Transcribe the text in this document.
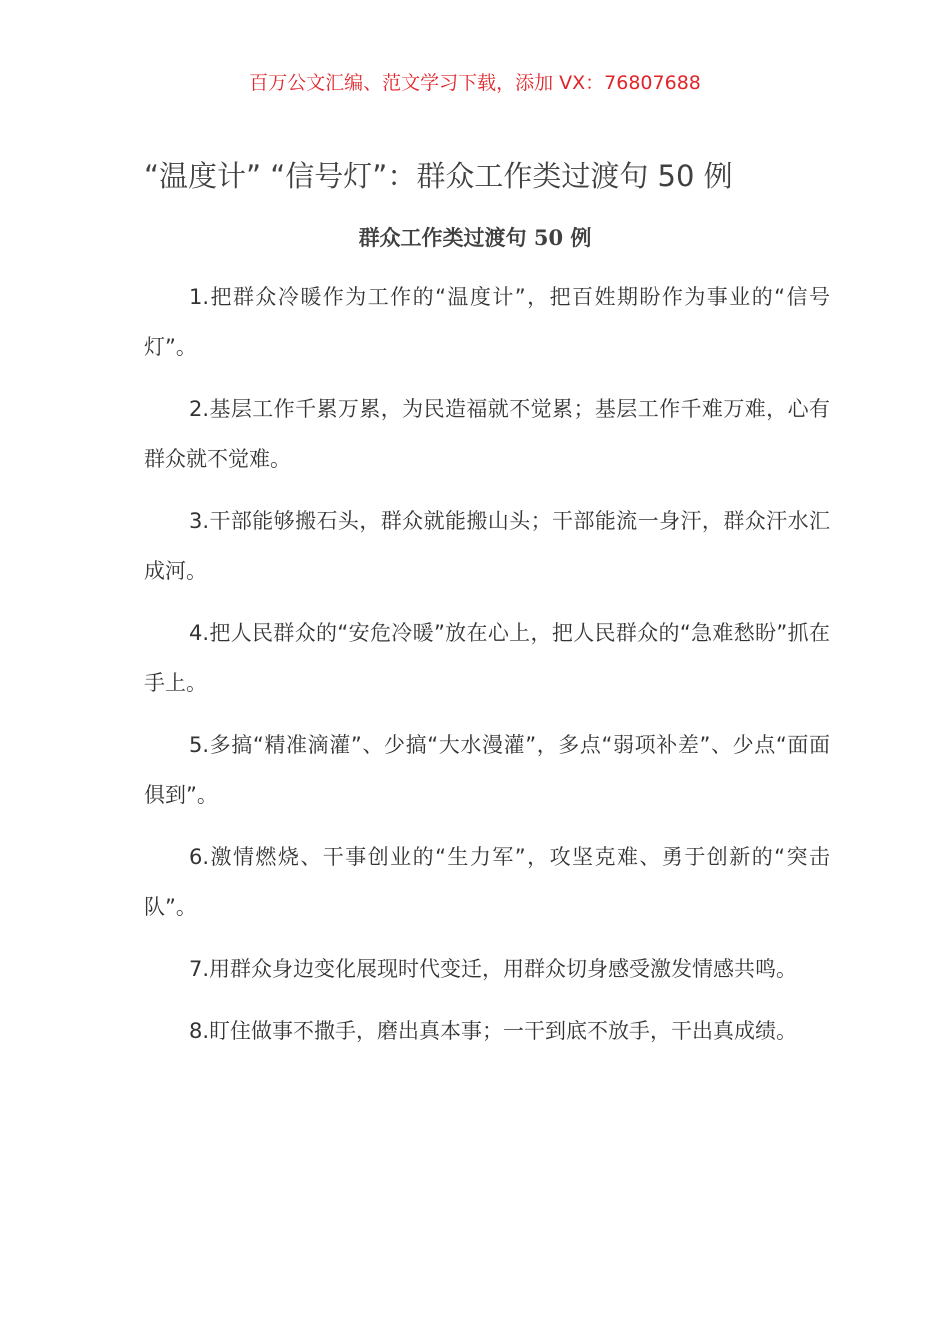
百万公文汇编、范文学习下载，添加 VX：76807688
“温度计” “信号灯”：群众工作类过渡句 50 例
群众工作类过渡句 50 例

1.把群众冷暖作为工作的“温度计”，把百姓期盼作为事业的“信号灯”。

2.基层工作千累万累，为民造福就不觉累；基层工作千难万难，心有群众就不觉难。

3.干部能够搬石头，群众就能搬山头；干部能流一身汗，群众汗水汇成河。

4.把人民群众的“安危冷暖”放在心上，把人民群众的“急难愁盼”抓在手上。

5.多搞“精准滴灌”、少搞“大水漫灌”，多点“弱项补差”、少点“面面俱到”。

6.激情燃烧、干事创业的“生力军”，攻坚克难、勇于创新的“突击队”。

7.用群众身边变化展现时代变迁，用群众切身感受激发情感共鸣。

8.盯住做事不撒手，磨出真本事；一干到底不放手，干出真成绩。
